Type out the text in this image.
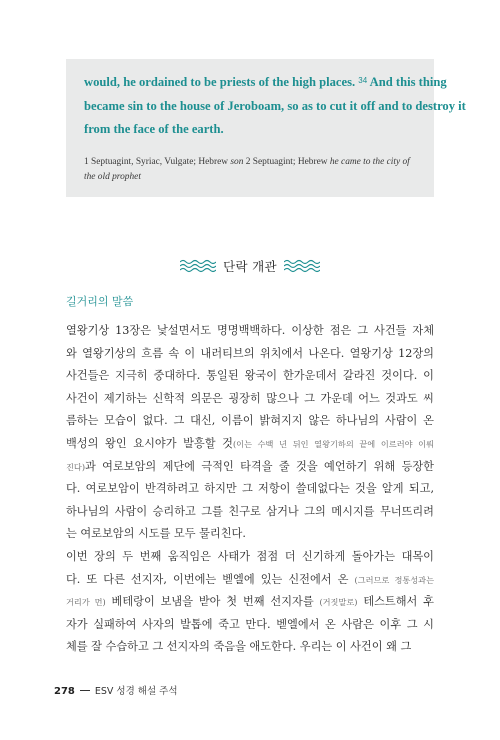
would, he ordained to be priests of the high places. $^{34}$ And this thing
became sin to the house of Jeroboam, so as to cut it off and to destroy it
from the face of the earth.

1 Septuagint, Syriac, Vulgate; Hebrew son 2 Septuagint; Hebrew he came to the city of
the old prophet

단락 개관
길거리의 말씀
열왕기상 13장은 낯설면서도 명명백백하다. 이상한 점은 그 사건들 자체
와 열왕기상의 흐름 속 이 내러티브의 위치에서 나온다. 열왕기상 12장의
사건들은 지극히 중대하다. 통일된 왕국이 한가운데서 갈라진 것이다. 이
사건이 제기하는 신학적 의문은 굉장히 많으나 그 가운데 어느 것과도 씨
름하는 모습이 없다. 그 대신, 이름이 밝혀지지 않은 하나님의 사람이 온
백성의 왕인 요시야가 발흥할 것(이는 수백 년 뒤인 열왕기하의 끝에 이르러야 이뤄
진다)과 여로보암의 제단에 극적인 타격을 줄 것을 예언하기 위해 등장한
다. 여로보암이 반격하려고 하지만 그 저항이 쓸데없다는 것을 알게 되고,
하나님의 사람이 승리하고 그를 친구로 삼거나 그의 메시지를 무너뜨리려
는 여로보암의 시도를 모두 물리친다.
이번 장의 두 번째 움직임은 사태가 점점 더 신기하게 돌아가는 대목이
다. 또 다른 선지자, 이번에는 벧엘에 있는 신전에서 온 (그러므로 정통성과는
거리가 먼) 베테랑이 보냄을 받아 첫 번째 선지자를 (거짓말로) 테스트해서 후
자가 실패하여 사자의 발톱에 죽고 만다. 벧엘에서 온 사람은 이후 그 시
체를 잘 수습하고 그 선지자의 죽음을 애도한다. 우리는 이 사건이 왜 그
278 ESV 성경 해설 주석
